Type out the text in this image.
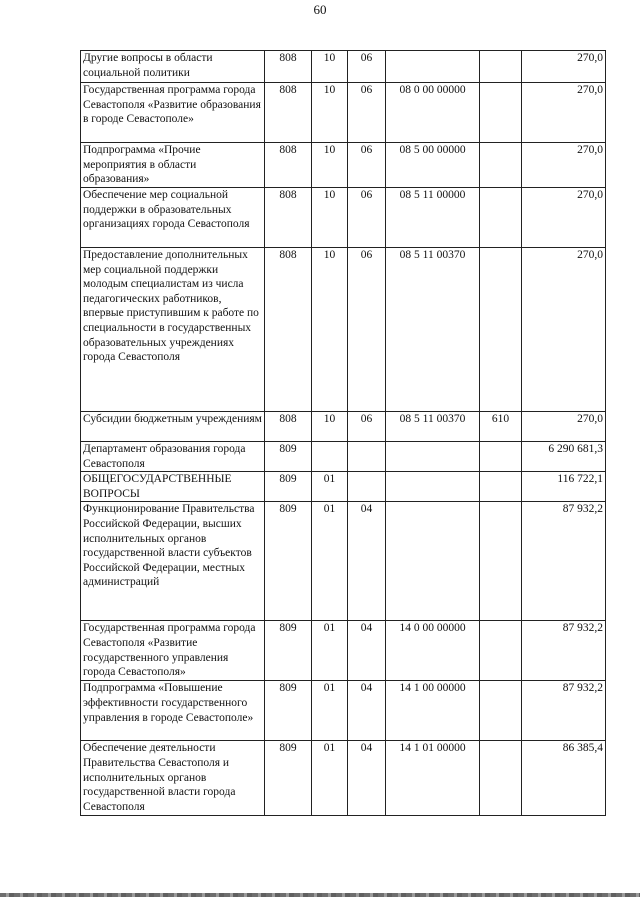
60
Другие вопросы в области социальной политики	808	10	06			270,0
Государственная программа города Севастополя «Развитие образования в городе Севастополе»	808	10	06	08 0 00 00000		270,0
Подпрограмма «Прочие мероприятия в области образования»	808	10	06	08 5 00 00000		270,0
Обеспечение мер социальной поддержки в образовательных организациях города Севастополя	808	10	06	08 5 11 00000		270,0
Предоставление дополнительных мер социальной поддержки молодым специалистам из числа педагогических работников, впервые приступившим к работе по специальности в государственных образовательных учреждениях города Севастополя	808	10	06	08 5 11 00370		270,0
Субсидии бюджетным учреждениям	808	10	06	08 5 11 00370	610	270,0
Департамент образования города Севастополя	809					6 290 681,3
ОБЩЕГОСУДАРСТВЕННЫЕ ВОПРОСЫ	809	01				116 722,1
Функционирование Правительства Российской Федерации, высших исполнительных органов государственной власти субъектов Российской Федерации, местных администраций	809	01	04			87 932,2
Государственная программа города Севастополя «Развитие государственного управления города Севастополя»	809	01	04	14 0 00 00000		87 932,2
Подпрограмма «Повышение эффективности государственного управления в городе Севастополе»	809	01	04	14 1 00 00000		87 932,2
Обеспечение деятельности Правительства Севастополя и исполнительных органов государственной власти города Севастополя	809	01	04	14 1 01 00000		86 385,4
